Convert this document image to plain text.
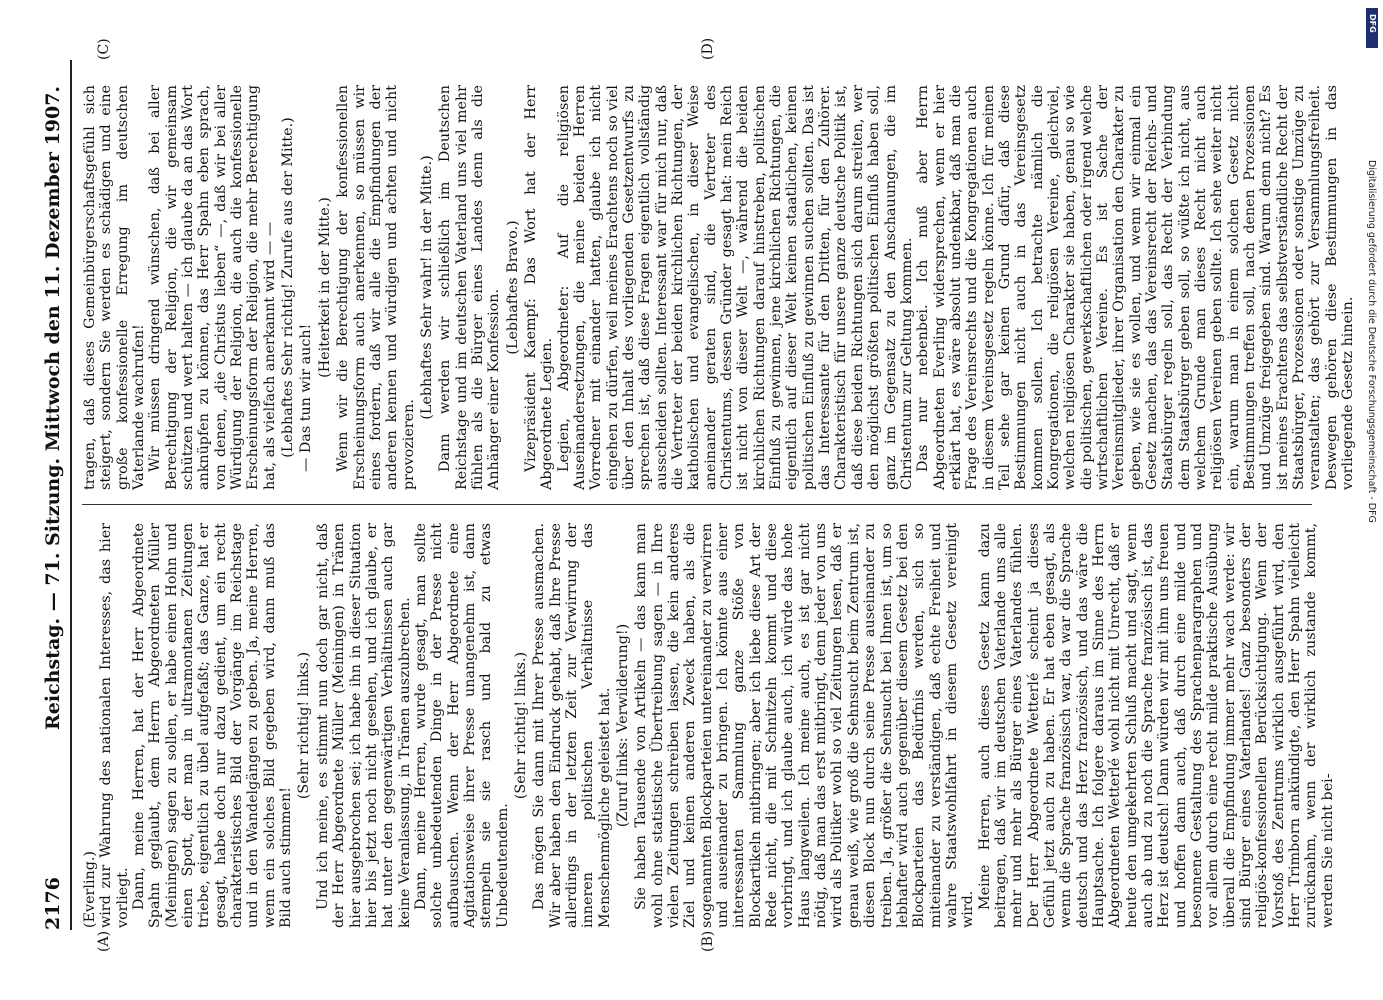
2176
Reichstag. — 71. Sitzung. Mittwoch den 11. Dezember 1907.
(A)	(B)
(C)	(D)

(Everling.) wird zur Wahrung des nationalen Interesses, das hier vorliegt. Dann, meine Herren, hat der Herr Abgeordnete Spahn geglaubt, dem Herrn Abgeordneten Müller (Meiningen) sagen zu sollen, er habe einen Hohn und einen Spott, der man in ultramontanen Zeitungen triebe, eigentlich zu übel aufgefaßt; das Ganze, hat er gesagt, habe doch nur dazu gedient, um ein recht charakteristisches Bild der Vorgänge im Reichstage und in den Wandelgängen zu geben. Ja, meine Herren, wenn ein solches Bild gegeben wird, dann muß das Bild auch stimmen!

(Sehr richtig! links.) Und ich meine, es stimmt nun doch gar nicht, daß der Herr Abgeordnete Müller (Meiningen) in Tränen hier ausgebrochen sei; ich habe ihn in dieser Situation hier bis jetzt noch nicht gesehen, und ich glaube, er hat unter den gegenwärtigen Verhältnissen auch gar keine Veranlassung, in Tränen auszubrechen. Dann, meine Herren, wurde gesagt, man sollte solche unbedeutenden Dinge in der Presse nicht aufbauschen. Wenn der Herr Abgeordnete eine Agitationsweise ihrer Presse unangenehm ist, dann stempeln sie sie rasch und bald zu etwas Unbedeutendem.

(Sehr richtig! links.) Das mögen Sie dann mit Ihrer Presse ausmachen. Wir aber haben den Eindruck gehabt, daß Ihre Presse allerdings in der letzten Zeit zur Verwirrung der inneren politischen Verhältnisse das Menschenmögliche geleistet hat. (Zuruf links: Verwilderung!) Sie haben Tausende von Artikeln — das kann man wohl ohne statistische Übertreibung sagen — in Ihre vielen Zeitungen schreiben lassen, die kein anderes Ziel und keinen anderen Zweck haben, als die sogenannten Blockparteien untereinander zu verwirren und auseinander zu bringen. Ich könnte aus einer interessanten Sammlung ganze Stöße von Blockartikeln mitbringen; aber ich liebe diese Art der Rede nicht, die mit Schnitzeln kommt und diese vorbringt, und ich glaube auch, ich würde das hohe Haus langweilen. Ich meine auch, es ist gar nicht nötig, daß man das erst mitbringt, denn jeder von uns wird als Politiker wohl so viel Zeitungen lesen, daß er genau weiß, wie groß die Sehnsucht beim Zentrum ist, diesen Block nun durch seine Presse auseinander zu treiben. Ja, größer die Sehnsucht bei Ihnen ist, um so lebhafter wird auch gegenüber diesem Gesetz bei den Blockparteien das Bedürfnis werden, sich so miteinander zu verständigen, daß echte Freiheit und wahre Staatswohlfahrt in diesem Gesetz vereinigt wird. Meine Herren, auch dieses Gesetz kann dazu beitragen, daß wir im deutschen Vaterlande uns alle mehr und mehr als Bürger eines Vaterlandes fühlen. Der Herr Abgeordnete Wetterlé scheint ja dieses Gefühl jetzt auch zu haben. Er hat eben gesagt, als wenn die Sprache französisch war, da war die Sprache deutsch und das Herz französisch, und das wäre die Hauptsache. Ich folgere daraus im Sinne des Herrn Abgeordneten Wetterlé wohl nicht mit Unrecht, daß er heute den umgekehrten Schluß macht und sagt, wenn auch ab und zu noch die Sprache französisch ist, das Herz ist deutsch! Dann würden wir mit ihm uns freuen und hoffen dann auch, daß durch eine milde und besonnene Gestaltung des Sprachenparagraphen und vor allem durch eine recht milde praktische Ausübung überall die Empfindung immer mehr wach werde: wir sind Bürger eines Vaterlandes! Ganz besonders der religiös-konfessionellen Berücksichtigung. Wenn der Vorstoß des Zentrums wirklich ausgeführt wird, den Herr Trimborn ankündigte, den Herr Spahn vielleicht zurücknahm, wenn der wirklich zustande kommt, werden Sie nicht bei-

tragen, daß dieses Gemeinbürgerschaftsgefühl sich steigert, sondern Sie werden es schädigen und eine große konfessionelle Erregung im deutschen Vaterlande wachrufen! Wir müssen dringend wünschen, daß bei aller Berechtigung der Religion, die wir gemeinsam schützen und wert halten — ich glaube da an das Wort anknüpfen zu können, das Herr Spahn eben sprach, von denen, „die Christus lieben“ —, daß wir bei aller Würdigung der Religion, die auch die konfessionelle Erscheinungsform der Religion, die mehr Berechtigung hat, als vielfach anerkannt wird — — (Lebhaftes Sehr richtig! Zurufe aus der Mitte.) — Das tun wir auch!

(Heiterkeit in der Mitte.) Wenn wir die Berechtigung der konfessionellen Erscheinungsform auch anerkennen, so müssen wir eines fordern, daß wir alle die Empfindungen der anderen kennen und würdigen und achten und nicht provozieren.

(Lebhaftes Sehr wahr! in der Mitte.) Dann werden wir schließlich im Deutschen Reichstage und im deutschen Vaterland uns viel mehr fühlen als die Bürger eines Landes denn als die Anhänger einer Konfession.

(Lebhaftes Bravo.) Vizepräsident Kaempf: Das Wort hat der Herr Abgeordnete Legien. Legien, Abgeordneter: Auf die religiösen Auseinandersetzungen, die meine beiden Herren Vorredner mit einander hatten, glaube ich nicht eingehen zu dürfen, weil meines Erachtens noch so viel über den Inhalt des vorliegenden Gesetzentwurfs zu sprechen ist, daß diese Fragen eigentlich vollständig ausscheiden sollten. Interessant war für mich nur, daß die Vertreter der beiden kirchlichen Richtungen, der katholischen und evangelischen, in dieser Weise aneinander geraten sind, die Vertreter des Christentums, dessen Gründer gesagt hat: mein Reich ist nicht von dieser Welt —, während die beiden kirchlichen Richtungen darauf hinstreben, politischen Einfluß zu gewinnen, jene kirchlichen Richtungen, die eigentlich auf dieser Welt keinen staatlichen, keinen politischen Einfluß zu gewinnen suchen sollten. Das ist das Interessante für den Dritten, für den Zuhörer. Charakteristisch für unsere ganze deutsche Politik ist, daß diese beiden Richtungen sich darum streiten, wer den möglichst größten politischen Einfluß haben soll, ganz im Gegensatz zu den Anschauungen, die im Christentum zur Geltung kommen. Das nur nebenbei. Ich muß aber Herrn Abgeordneten Everling widersprechen, wenn er hier erklärt hat, es wäre absolut undenkbar, daß man die Frage des Vereinsrechts und die Kongregationen auch in diesem Vereinsgesetz regeln könne. Ich für meinen Teil sehe gar keinen Grund dafür, daß diese Bestimmungen nicht auch in das Vereinsgesetz kommen sollen. Ich betrachte nämlich die Kongregationen, die religiösen Vereine, gleichviel, welchen religiösen Charakter sie haben, genau so wie die politischen, gewerkschaftlichen oder irgend welche wirtschaftlichen Vereine. Es ist Sache der Vereinsmitglieder, ihrer Organisation den Charakter zu geben, wie sie es wollen, und wenn wir einmal ein Gesetz machen, das das Vereinsrecht der Reichs- und Staatsbürger regeln soll, das Recht der Verbindung dem Staatsbürger geben soll, so wüßte ich nicht, aus welchem Grunde man dieses Recht nicht auch religiösen Vereinen geben sollte. Ich sehe weiter nicht ein, warum man in einem solchen Gesetz nicht Bestimmungen treffen soll, nach denen Prozessionen und Umzüge freigegeben sind. Warum denn nicht? Es ist meines Erachtens das selbstverständliche Recht der Staatsbürger, Prozessionen oder sonstige Umzüge zu veranstalten; das gehört zur Versammlungsfreiheit. Deswegen gehören diese Bestimmungen in das vorliegende Gesetz hinein.

DFG
Digitalisierung gefördert durch die Deutsche Forschungsgemeinschaft - DFG
